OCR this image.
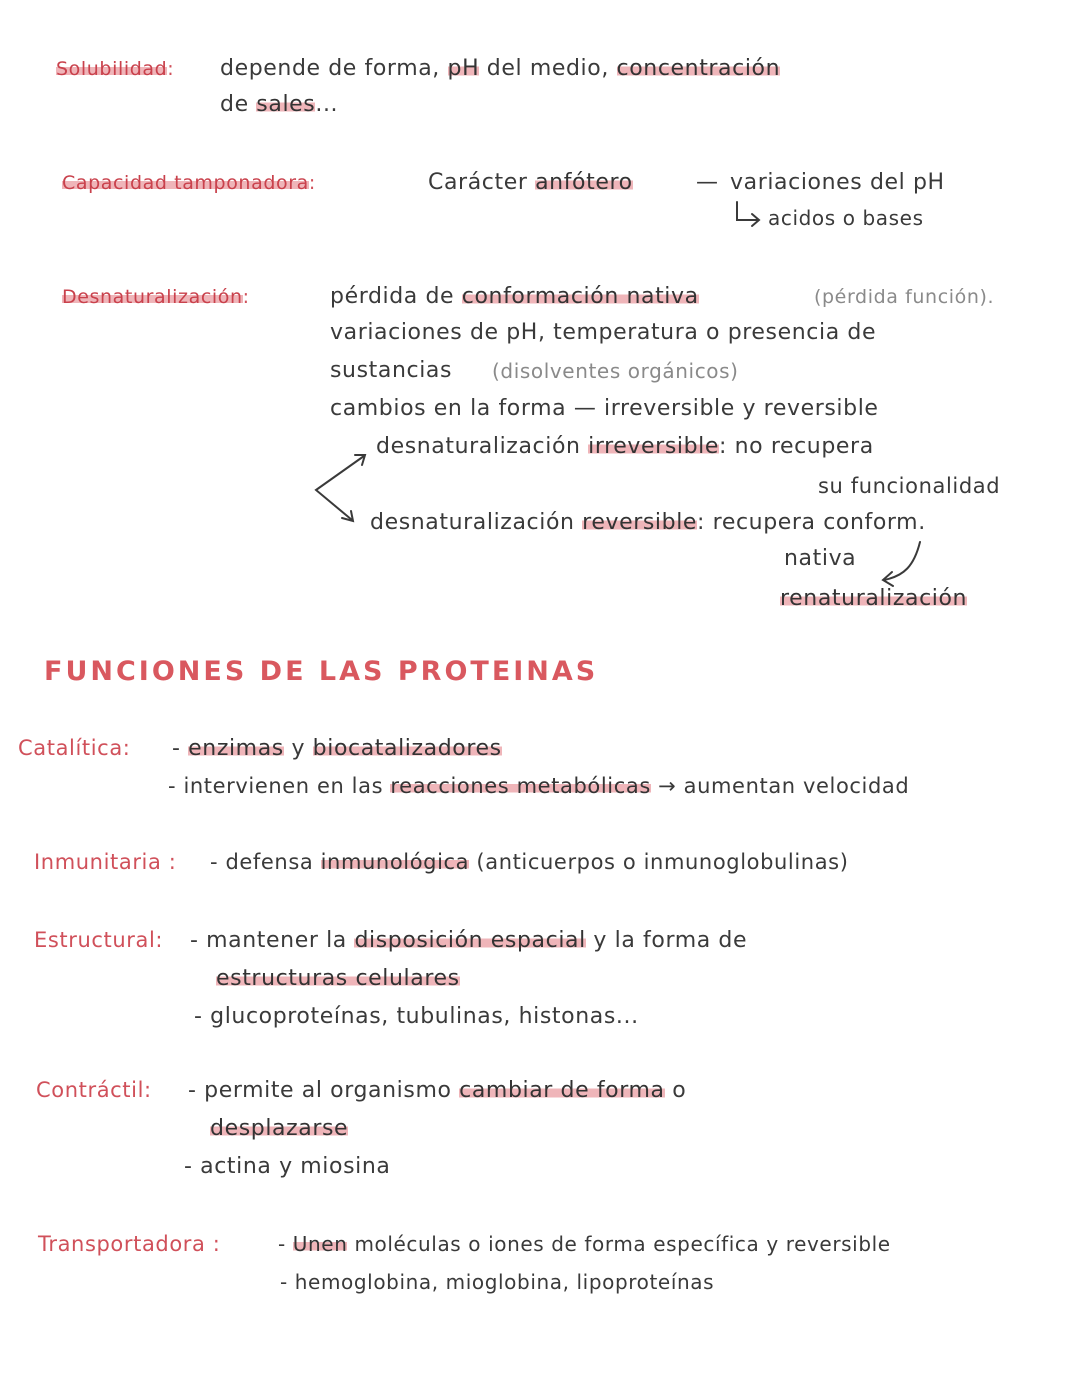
Solubilidad: depende de forma, pH del medio, concentración
de sales...
Capacidad tamponadora:	Carácter anfótero	— variaciones del pH
acidos o bases
Desnaturalización:	pérdida de conformación nativa	(pérdida función).
variaciones de pH, temperatura o presencia de
sustancias (disolventes orgánicos)
cambios en la forma — irreversible y reversible
desnaturalización irreversible: no recupera
su funcionalidad
desnaturalización reversible: recupera conform.
nativa
renaturalización
FUNCIONES DE LAS PROTEINAS
Catalítica: - enzimas y biocatalizadores
- intervienen en las reacciones metabólicas → aumentan velocidad
Inmunitaria : - defensa inmunológica (anticuerpos o inmunoglobulinas)
Estructural: - mantener la disposición espacial y la forma de
estructuras celulares
- glucoproteínas, tubulinas, histonas...
Contráctil: - permite al organismo cambiar de forma o
desplazarse
- actina y miosina
Transportadora :	- Unen moléculas o iones de forma específica y reversible
- hemoglobina, mioglobina, lipoproteínas
